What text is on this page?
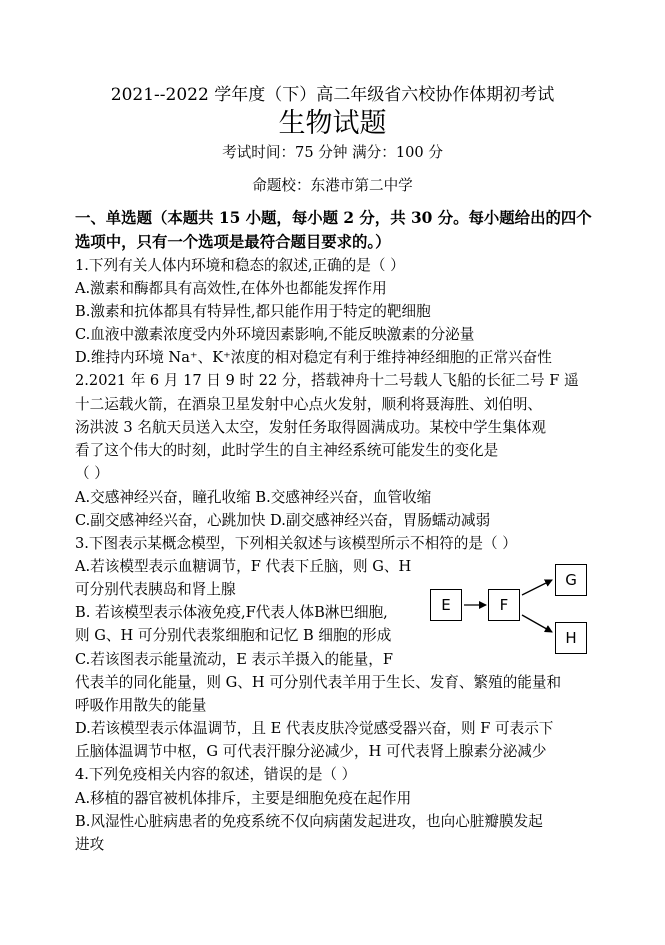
2021--2022 学年度（下）高二年级省六校协作体期初考试
生物试题
考试时间：75 分钟 满分：100 分
命题校：东港市第二中学
一、单选题（本题共 15 小题，每小题 2 分，共 30 分。每小题给出的四个
选项中，只有一个选项是最符合题目要求的。）
1.下列有关人体内环境和稳态的叙述,正确的是（ ）
A.激素和酶都具有高效性,在体外也都能发挥作用
B.激素和抗体都具有特异性,都只能作用于特定的靶细胞
C.血液中激素浓度受内外环境因素影响,不能反映激素的分泌量
D.维持内环境 Na⁺、K⁺浓度的相对稳定有利于维持神经细胞的正常兴奋性
2.2021 年 6 月 17 日 9 时 22 分，搭载神舟十二号载人飞船的长征二号 F 遥
十二运载火箭，在酒泉卫星发射中心点火发射，顺利将聂海胜、刘伯明、
汤洪波 3 名航天员送入太空，发射任务取得圆满成功。某校中学生集体观
看了这个伟大的时刻，此时学生的自主神经系统可能发生的变化是
（ ）
A.交感神经兴奋，瞳孔收缩 B.交感神经兴奋，血管收缩
C.副交感神经兴奋，心跳加快 D.副交感神经兴奋，胃肠蠕动减弱
3.下图表示某概念模型，下列相关叙述与该模型所示不相符的是（ ）
A.若该模型表示血糖调节，F 代表下丘脑，则 G、H
可分别代表胰岛和肾上腺
B. 若该模型表示体液免疫,F代表人体B淋巴细胞,
则 G、H 可分别代表浆细胞和记忆 B 细胞的形成
C.若该图表示能量流动，E 表示羊摄入的能量，F
代表羊的同化能量，则 G、H 可分别代表羊用于生长、发育、繁殖的能量和
呼吸作用散失的能量
D.若该模型表示体温调节，且 E 代表皮肤冷觉感受器兴奋，则 F 可表示下
丘脑体温调节中枢，G 可代表汗腺分泌减少，H 可代表肾上腺素分泌减少
E	F
G
H
4.下列免疫相关内容的叙述，错误的是（ ）
A.移植的器官被机体排斥，主要是细胞免疫在起作用
B.风湿性心脏病患者的免疫系统不仅向病菌发起进攻，也向心脏瓣膜发起
进攻
